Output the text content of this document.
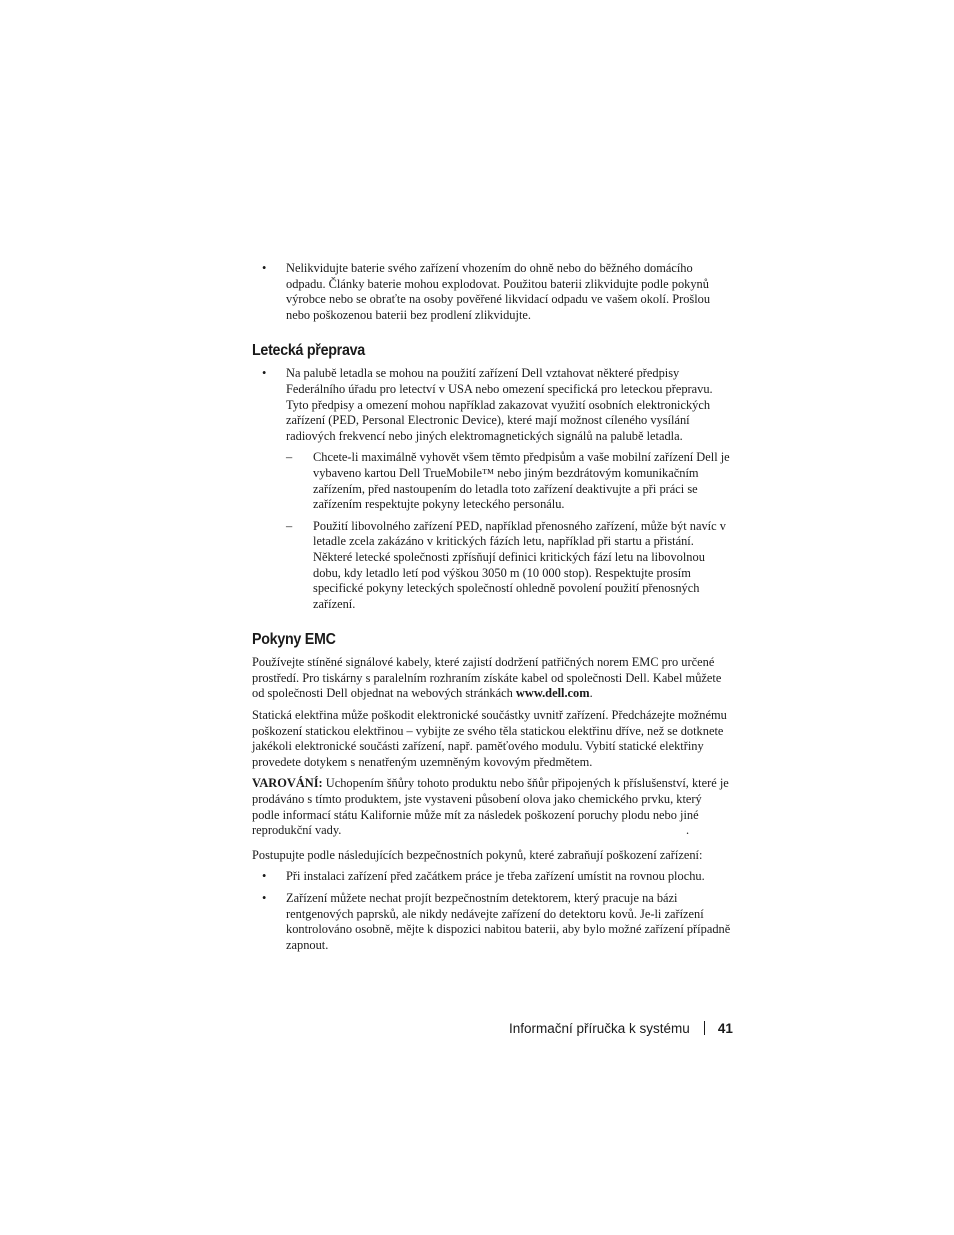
• Nelikvidujte baterie svého zařízení vhozením do ohně nebo do běžného domácího odpadu. Články baterie mohou explodovat. Použitou baterii zlikvidujte podle pokynů výrobce nebo se obraťte na osoby pověřené likvidací odpadu ve vašem okolí. Prošlou nebo poškozenou baterii bez prodlení zlikvidujte.

Letecká přeprava

• Na palubě letadla se mohou na použití zařízení Dell vztahovat některé předpisy Federálního úřadu pro letectví v USA nebo omezení specifická pro leteckou přepravu. Tyto předpisy a omezení mohou například zakazovat využití osobních elektronických zařízení (PED, Personal Electronic Device), které mají možnost cíleného vysílání radiových frekvencí nebo jiných elektromagnetických signálů na palubě letadla.

– Chcete-li maximálně vyhovět všem těmto předpisům a vaše mobilní zařízení Dell je vybaveno kartou Dell TrueMobile™ nebo jiným bezdrátovým komunikačním zařízením, před nastoupením do letadla toto zařízení deaktivujte a při práci se zařízením respektujte pokyny leteckého personálu.

– Použití libovolného zařízení PED, například přenosného zařízení, může být navíc v letadle zcela zakázáno v kritických fázích letu, například při startu a přistání. Některé letecké společnosti zpřísňují definici kritických fází letu na libovolnou dobu, kdy letadlo letí pod výškou 3050 m (10 000 stop). Respektujte prosím specifické pokyny leteckých společností ohledně povolení použití přenosných zařízení.

Pokyny EMC

Používejte stíněné signálové kabely, které zajistí dodržení patřičných norem EMC pro určené prostředí. Pro tiskárny s paralelním rozhraním získáte kabel od společnosti Dell. Kabel můžete od společnosti Dell objednat na webových stránkách www.dell.com.

Statická elektřina může poškodit elektronické součástky uvnitř zařízení. Předcházejte možnému poškození statickou elektřinou – vybijte ze svého těla statickou elektřinu dříve, než se dotknete jakékoli elektronické součásti zařízení, např. paměťového modulu. Vybití statické elektřiny provedete dotykem s nenatřeným uzemněným kovovým předmětem.

VAROVÁNÍ: Uchopením šňůry tohoto produktu nebo šňůr připojených k příslušenství, které je prodáváno s tímto produktem, jste vystaveni působení olova jako chemického prvku, který podle informací státu Kalifornie může mít za následek poškození poruchy plodu nebo jiné reprodukční vady.	.

Postupujte podle následujících bezpečnostních pokynů, které zabraňují poškození zařízení:

• Při instalaci zařízení před začátkem práce je třeba zařízení umístit na rovnou plochu.

• Zařízení můžete nechat projít bezpečnostním detektorem, který pracuje na bázi rentgenových paprsků, ale nikdy nedávejte zařízení do detektoru kovů. Je-li zařízení kontrolováno osobně, mějte k dispozici nabitou baterii, aby bylo možné zařízení případně zapnout.

Informační příručka k systému 41
